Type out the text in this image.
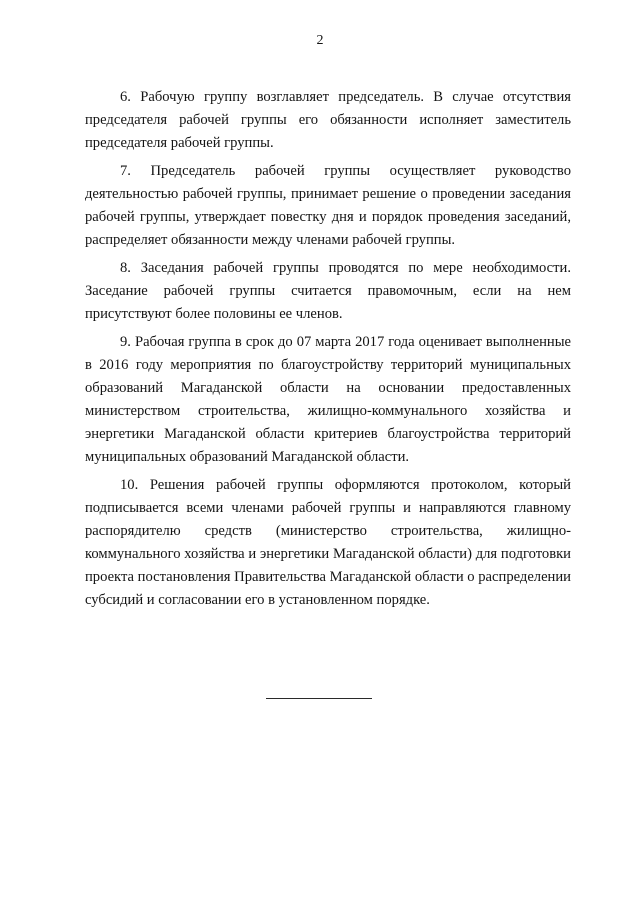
2

6. Рабочую группу возглавляет председатель. В случае отсутствия председателя рабочей группы его обязанности исполняет заместитель председателя рабочей группы.

7. Председатель рабочей группы осуществляет руководство деятельностью рабочей группы, принимает решение о проведении заседания рабочей группы, утверждает повестку дня и порядок проведения заседаний, распределяет обязанности между членами рабочей группы.

8. Заседания рабочей группы проводятся по мере необходимости. Заседание рабочей группы считается правомочным, если на нем присутствуют более половины ее членов.

9. Рабочая группа в срок до 07 марта 2017 года оценивает выполненные в 2016 году мероприятия по благоустройству территорий муниципальных образований Магаданской области на основании предоставленных министерством строительства, жилищно-коммунального хозяйства и энергетики Магаданской области критериев благоустройства территорий муниципальных образований Магаданской области.

10. Решения рабочей группы оформляются протоколом, который подписывается всеми членами рабочей группы и направляются главному распорядителю средств (министерство строительства, жилищно-коммунального хозяйства и энергетики Магаданской области) для подготовки проекта постановления Правительства Магаданской области о распределении субсидий и согласовании его в установленном порядке.
